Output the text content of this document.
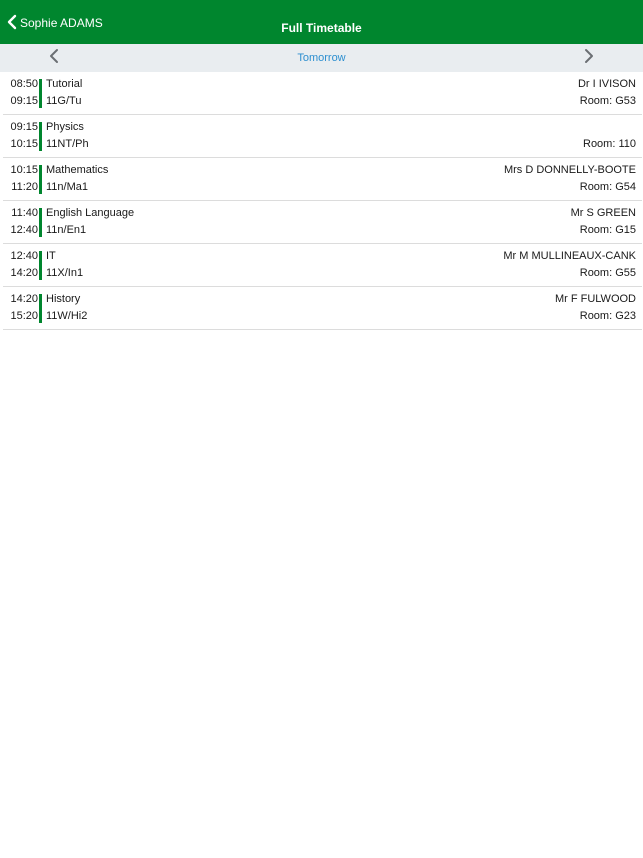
Sophie ADAMS	Full Timetable
Tomorrow
08:50
09:15
Tutorial
11G/Tu
Dr I IVISON
Room: G53
09:15
10:15
Physics
11NT/Ph	Room: 110
10:15
11:20
Mathematics
11n/Ma1
Mrs D DONNELLY-BOOTE
Room: G54
11:40
12:40
English Language
11n/En1
Mr S GREEN
Room: G15
12:40
14:20
IT
11X/In1
Mr M MULLINEAUX-CANK
Room: G55
14:20
15:20
History
11W/Hi2
Mr F FULWOOD
Room: G23
